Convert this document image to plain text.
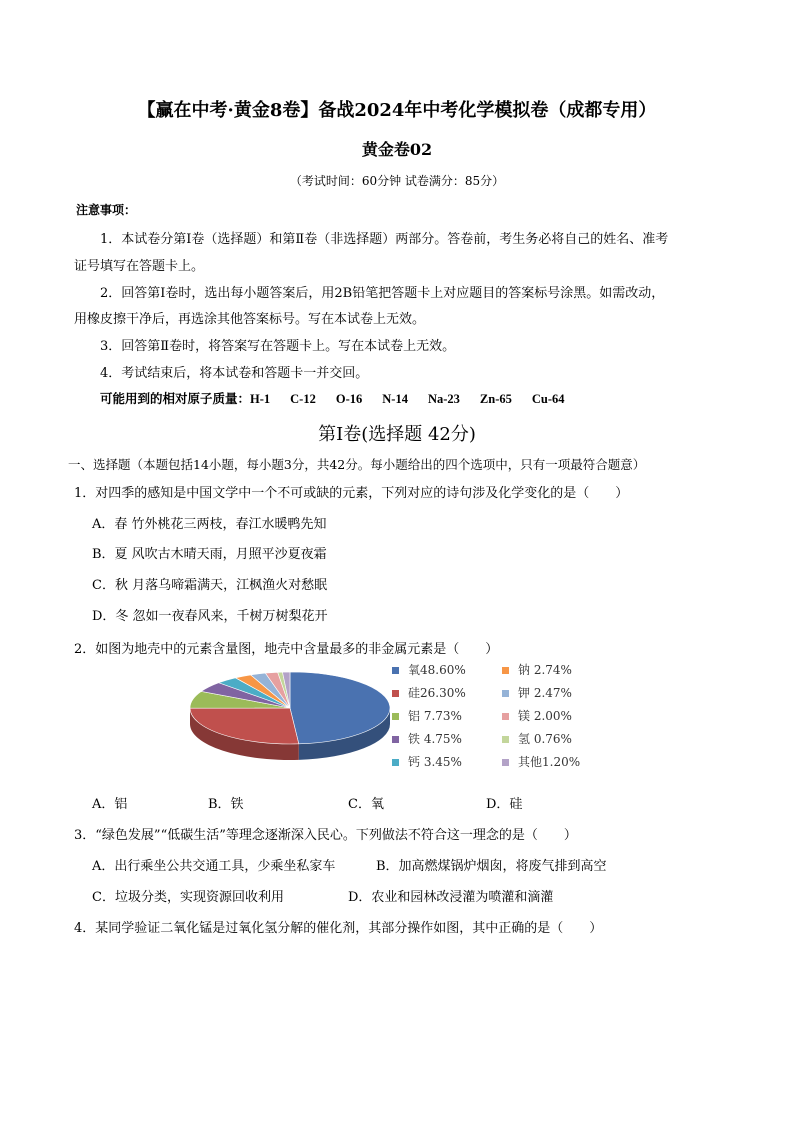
【赢在中考·黄金8卷】备战2024年中考化学模拟卷（成都专用）
黄金卷02
（考试时间：60分钟 试卷满分：85分）
注意事项：
1．本试卷分第Ⅰ卷（选择题）和第Ⅱ卷（非选择题）两部分。答卷前，考生务必将自己的姓名、准考
证号填写在答题卡上。
2．回答第Ⅰ卷时，选出每小题答案后，用2B铅笔把答题卡上对应题目的答案标号涂黑。如需改动，
用橡皮擦干净后，再选涂其他答案标号。写在本试卷上无效。
3．回答第Ⅱ卷时，将答案写在答题卡上。写在本试卷上无效。
4．考试结束后，将本试卷和答题卡一并交回。
可能用到的相对原子质量：H-1 C-12 O-16 N-14 Na-23 Zn-65 Cu-64
第Ⅰ卷(选择题 42分)
一、选择题（本题包括14小题，每小题3分，共42分。每小题给出的四个选项中，只有一项最符合题意）
1．对四季的感知是中国文学中一个不可或缺的元素，下列对应的诗句涉及化学变化的是（　　）
A．春 竹外桃花三两枝，春江水暖鸭先知
B．夏 风吹古木晴天雨，月照平沙夏夜霜
C．秋 月落乌啼霜满天，江枫渔火对愁眠
D．冬 忽如一夜春风来，千树万树梨花开
2．如图为地壳中的元素含量图，地壳中含量最多的非金属元素是（　　）
氧48.60%
硅26.30%
铝 7.73%
铁 4.75%
钙 3.45%
钠 2.74%
钾 2.47%
镁 2.00%
氢 0.76%
其他1.20%
A．铝	B．铁	C．氧	D．硅
3．“绿色发展”“低碳生活”等理念逐渐深入民心。下列做法不符合这一理念的是（　　）
A．出行乘坐公共交通工具，少乘坐私家车	B．加高燃煤锅炉烟囱，将废气排到高空
C．垃圾分类，实现资源回收利用	D．农业和园林改浸灌为喷灌和滴灌
4．某同学验证二氧化锰是过氧化氢分解的催化剂，其部分操作如图，其中正确的是（　　）
